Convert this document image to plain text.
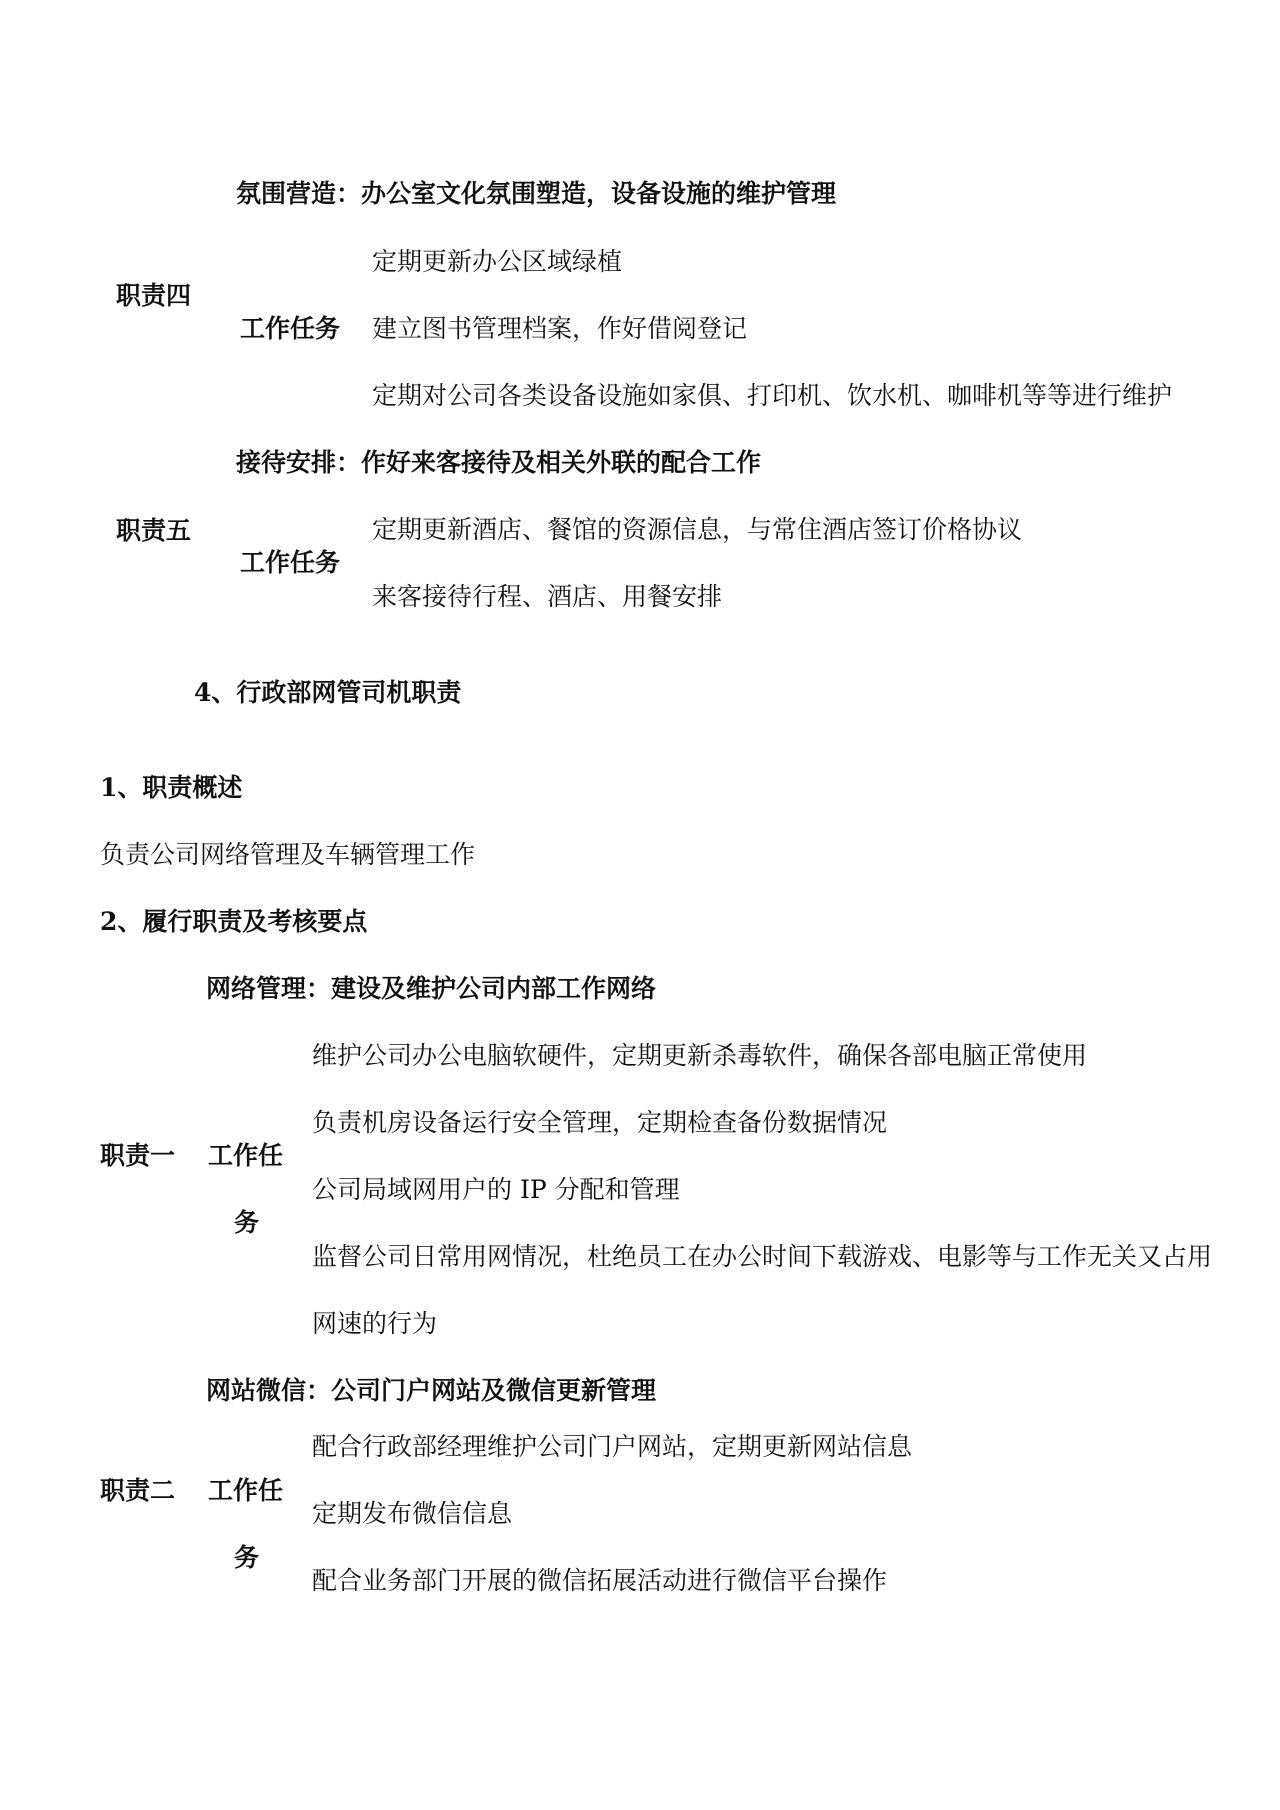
氛围营造：办公室文化氛围塑造，设备设施的维护管理
职责四
工作任务
定期更新办公区域绿植
建立图书管理档案，作好借阅登记
定期对公司各类设备设施如家俱、打印机、饮水机、咖啡机等等进行维护
接待安排：作好来客接待及相关外联的配合工作
职责五
工作任务
定期更新酒店、餐馆的资源信息，与常住酒店签订价格协议
来客接待行程、酒店、用餐安排
4、行政部网管司机职责
1、职责概述
负责公司网络管理及车辆管理工作
2、履行职责及考核要点
网络管理：建设及维护公司内部工作网络
职责一 工作任
务
维护公司办公电脑软硬件，定期更新杀毒软件，确保各部电脑正常使用
负责机房设备运行安全管理，定期检查备份数据情况
公司局域网用户的 IP 分配和管理
监督公司日常用网情况，杜绝员工在办公时间下载游戏、电影等与工作无关又占用
网速的行为
网站微信：公司门户网站及微信更新管理
职责二 工作任
务
配合行政部经理维护公司门户网站，定期更新网站信息
定期发布微信信息
配合业务部门开展的微信拓展活动进行微信平台操作
